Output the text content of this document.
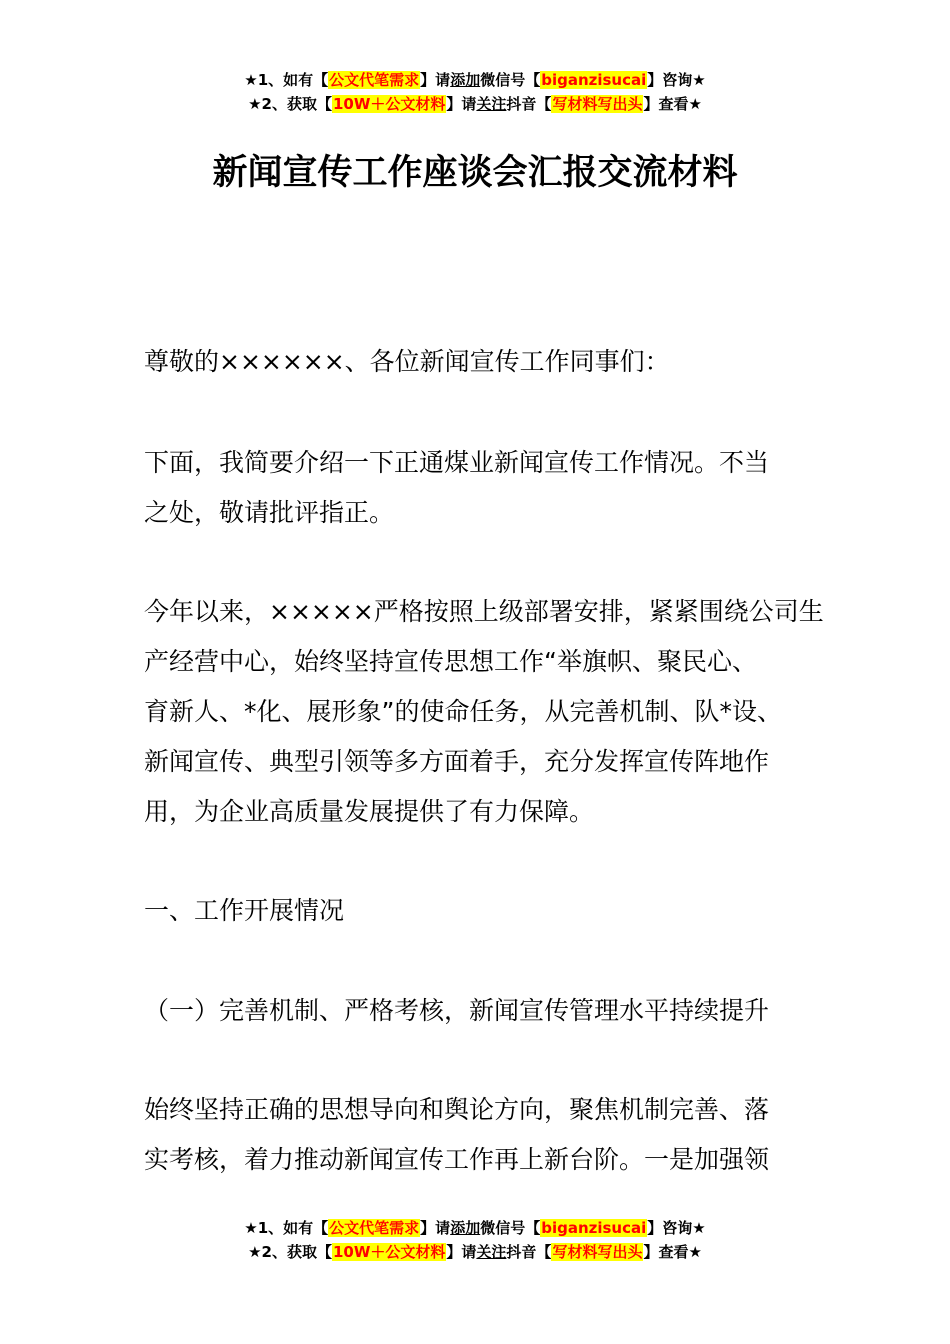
★1、如有【公文代笔需求】请添加微信号【biganzisucai】咨询★
★2、获取【10W＋公文材料】请关注抖音【写材料写出头】查看★
新闻宣传工作座谈会汇报交流材料

尊敬的××××××、各位新闻宣传工作同事们：

下面，我简要介绍一下正通煤业新闻宣传工作情况。不当
之处，敬请批评指正。

今年以来，×××××严格按照上级部署安排，紧紧围绕公司生
产经营中心，始终坚持宣传思想工作“举旗帜、聚民心、
育新人、*化、展形象”的使命任务，从完善机制、队*设、
新闻宣传、典型引领等多方面着手，充分发挥宣传阵地作
用，为企业高质量发展提供了有力保障。

一、工作开展情况

（一）完善机制、严格考核，新闻宣传管理水平持续提升

始终坚持正确的思想导向和舆论方向，聚焦机制完善、落
实考核，着力推动新闻宣传工作再上新台阶。一是加强领

★1、如有【公文代笔需求】请添加微信号【biganzisucai】咨询★
★2、获取【10W＋公文材料】请关注抖音【写材料写出头】查看★
